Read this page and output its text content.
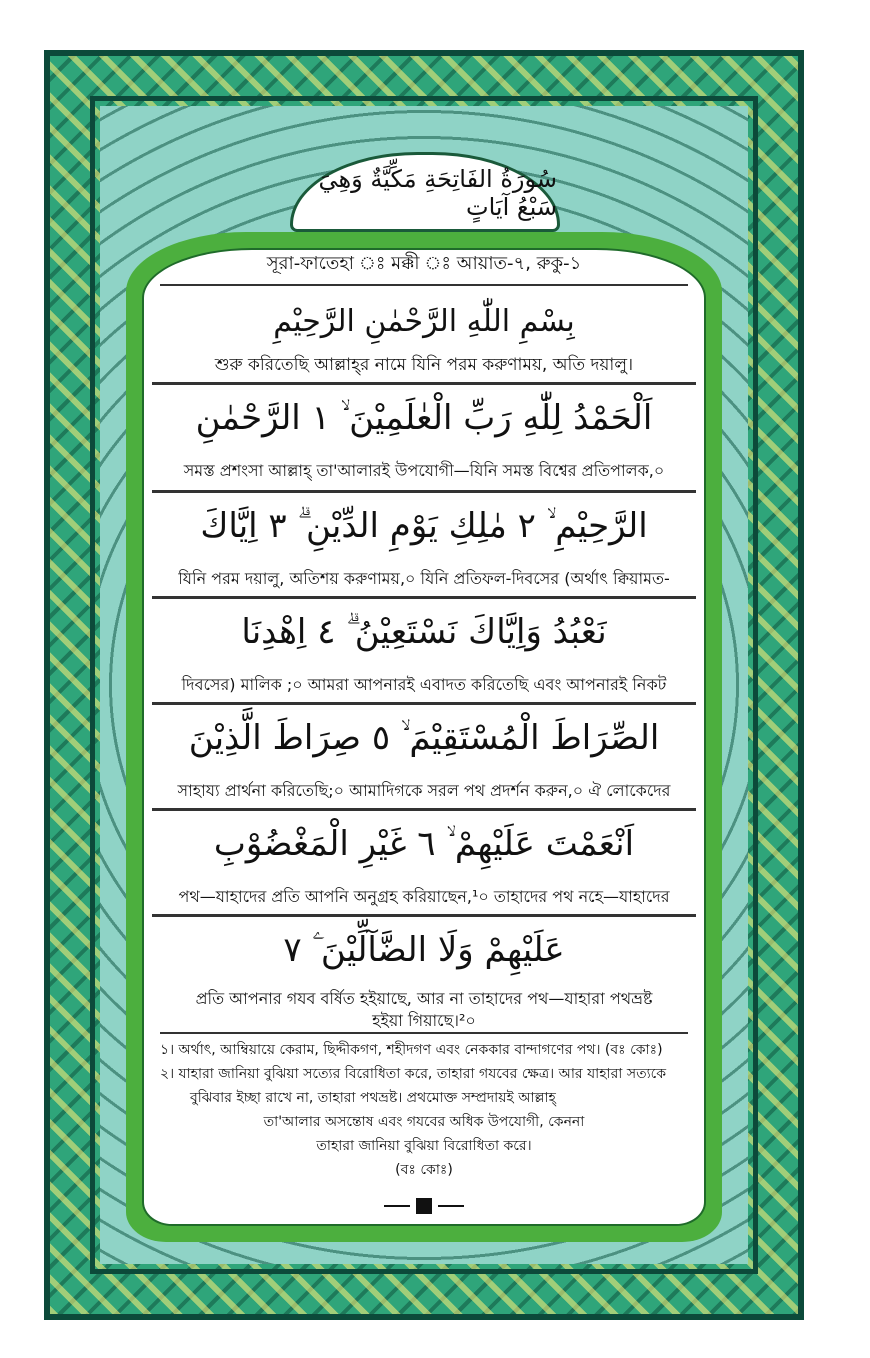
سُورَةُ الفَاتِحَةِ مَكِّيَّةٌ وَهِيَ سَبْعُ آيَاتٍ
সূরা-ফাতেহা ঃ মক্কী ঃ আয়াত-৭, রুকু-১
بِسْمِ اللّٰهِ الرَّحْمٰنِ الرَّحِيْمِ
শুরু করিতেছি আল্লাহ্‌র নামে যিনি পরম করুণাময়, অতি দয়ালু।
اَلْحَمْدُ لِلّٰهِ رَبِّ الْعٰلَمِيْنَ ۙ ١ الرَّحْمٰنِ
সমস্ত প্রশংসা আল্লাহ্‌ তা'আলারই উপযোগী—যিনি সমস্ত বিশ্বের প্রতিপালক,০
الرَّحِيْمِ ۙ ٢ مٰلِكِ يَوْمِ الدِّيْنِ ۗ ٣ اِيَّاكَ
যিনি পরম দয়ালু, অতিশয় করুণাময়,০ যিনি প্রতিফল-দিবসের (অর্থাৎ ক্বিয়ামত-
نَعْبُدُ وَاِيَّاكَ نَسْتَعِيْنُ ۗ ٤ اِهْدِنَا
দিবসের) মালিক ;০ আমরা আপনারই এবাদত করিতেছি এবং আপনারই নিকট
الصِّرَاطَ الْمُسْتَقِيْمَ ۙ ٥ صِرَاطَ الَّذِيْنَ
সাহায্য প্রার্থনা করিতেছি;০ আমাদিগকে সরল পথ প্রদর্শন করুন,০ ঐ লোকেদের
اَنْعَمْتَ عَلَيْهِمْ ۙ ٦ غَيْرِ الْمَغْضُوْبِ
পথ—যাহাদের প্রতি আপনি অনুগ্রহ করিয়াছেন,¹০ তাহাদের পথ নহে—যাহাদের
عَلَيْهِمْ وَلَا الضَّآلِّيْنَ ۧ ٧
প্রতি আপনার গযব বর্ষিত হইয়াছে, আর না তাহাদের পথ—যাহারা পথভ্রষ্ট
হইয়া গিয়াছে।²০
১। অর্থাৎ, আম্বিয়ায়ে কেরাম, ছিদ্দীকগণ, শহীদগণ এবং নেককার বান্দাগণের পথ। (বঃ কোঃ)
২। যাহারা জানিয়া বুঝিয়া সত্যের বিরোধিতা করে, তাহারা গযবের ক্ষেত্র। আর যাহারা সত্যকে
বুঝিবার ইচ্ছা রাখে না, তাহারা পথভ্রষ্ট। প্রথমোক্ত সম্প্রদায়ই আল্লাহ্‌
তা'আলার অসন্তোষ এবং গযবের অধিক উপযোগী, কেননা
তাহারা জানিয়া বুঝিয়া বিরোধিতা করে।
(বঃ কোঃ)
